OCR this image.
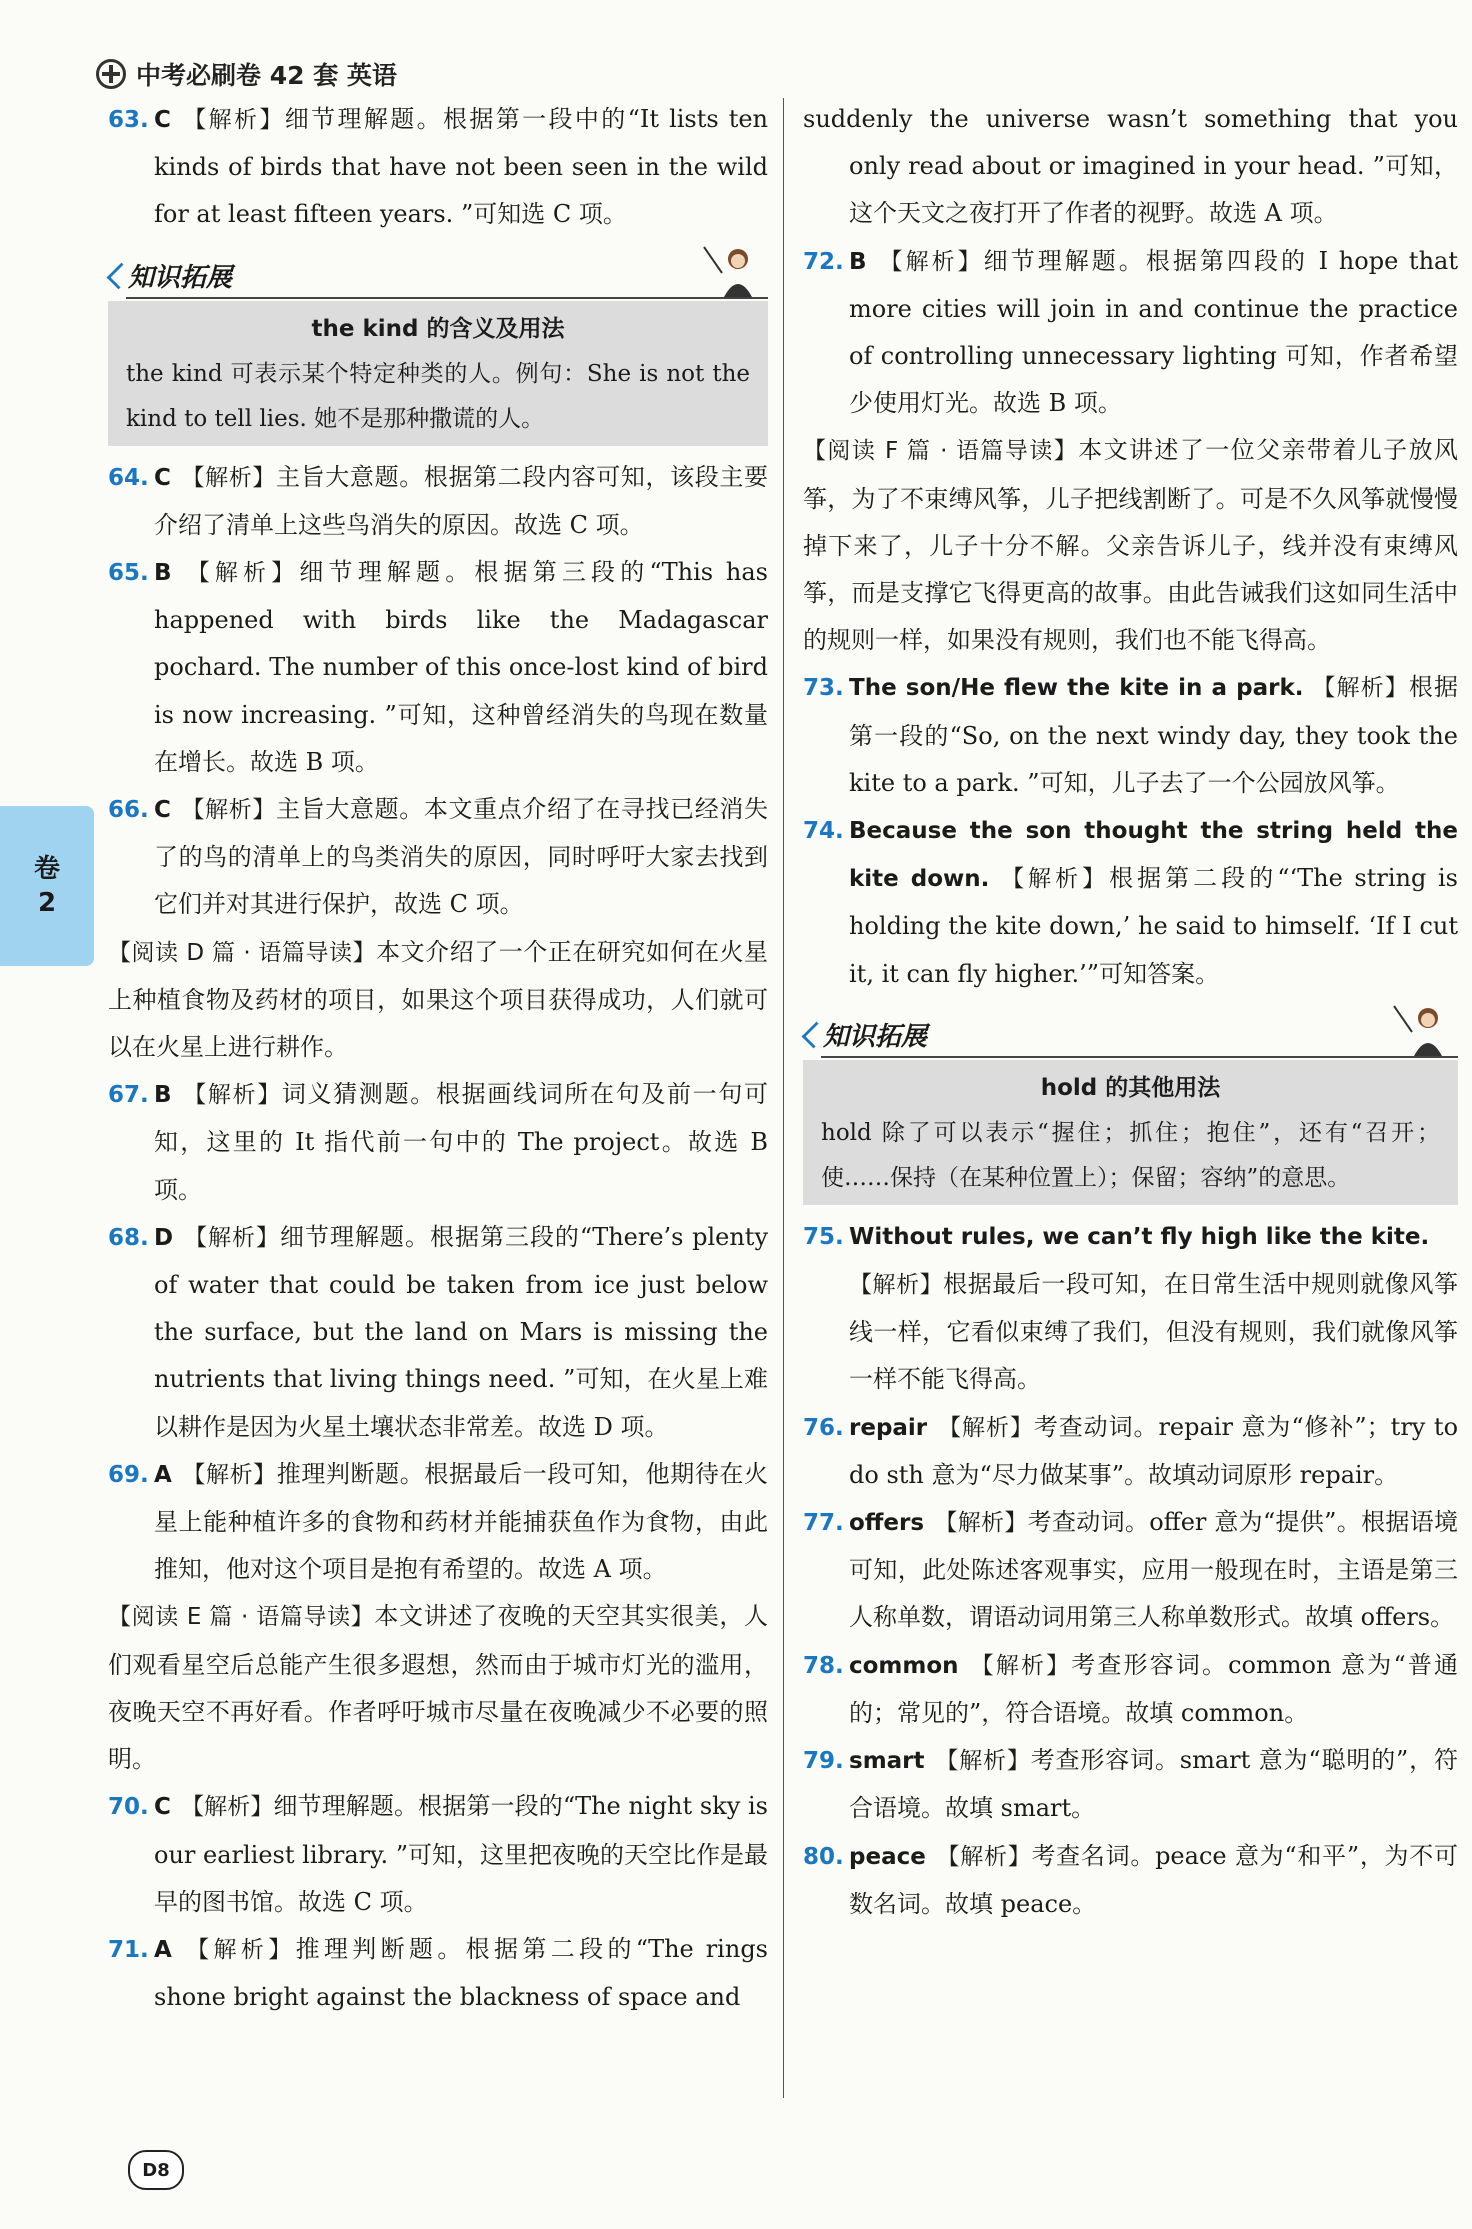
中考必刷卷 42 套 英语
卷
2
63. C 【解析】细节理解题。根据第一段中的“It lists ten kinds of birds that have not been seen in the wild for at least fifteen years. ”可知选 C 项。
知识拓展
the kind 的含义及用法
the kind 可表示某个特定种类的人。例句：She is not the kind to tell lies. 她不是那种撒谎的人。
64. C 【解析】主旨大意题。根据第二段内容可知，该段主要介绍了清单上这些鸟消失的原因。故选 C 项。
65. B 【解析】细节理解题。根据第三段的“This has happened with birds like the Madagascar pochard. The number of this once-lost kind of bird is now increasing. ”可知，这种曾经消失的鸟现在数量在增长。故选 B 项。
66. C 【解析】主旨大意题。本文重点介绍了在寻找已经消失了的鸟的清单上的鸟类消失的原因，同时呼吁大家去找到它们并对其进行保护，故选 C 项。
【阅读 D 篇 · 语篇导读】本文介绍了一个正在研究如何在火星上种植食物及药材的项目，如果这个项目获得成功，人们就可以在火星上进行耕作。
67. B 【解析】词义猜测题。根据画线词所在句及前一句可知，这里的 It 指代前一句中的 The project。故选 B 项。
68. D 【解析】细节理解题。根据第三段的“There’s plenty of water that could be taken from ice just below the surface, but the land on Mars is missing the nutrients that living things need. ”可知，在火星上难以耕作是因为火星土壤状态非常差。故选 D 项。
69. A 【解析】推理判断题。根据最后一段可知，他期待在火星上能种植许多的食物和药材并能捕获鱼作为食物，由此推知，他对这个项目是抱有希望的。故选 A 项。
【阅读 E 篇 · 语篇导读】本文讲述了夜晚的天空其实很美，人们观看星空后总能产生很多遐想，然而由于城市灯光的滥用，夜晚天空不再好看。作者呼吁城市尽量在夜晚减少不必要的照明。
70. C 【解析】细节理解题。根据第一段的“The night sky is our earliest library. ”可知，这里把夜晚的天空比作是最早的图书馆。故选 C 项。
71. A 【解析】推理判断题。根据第二段的“The rings shone bright against the blackness of space and
suddenly the universe wasn’t something that you only read about or imagined in your head. ”可知，这个天文之夜打开了作者的视野。故选 A 项。
72. B 【解析】细节理解题。根据第四段的 I hope that more cities will join in and continue the practice of controlling unnecessary lighting 可知，作者希望少使用灯光。故选 B 项。
【阅读 F 篇 · 语篇导读】本文讲述了一位父亲带着儿子放风筝，为了不束缚风筝，儿子把线割断了。可是不久风筝就慢慢掉下来了，儿子十分不解。父亲告诉儿子，线并没有束缚风筝，而是支撑它飞得更高的故事。由此告诫我们这如同生活中的规则一样，如果没有规则，我们也不能飞得高。
73. The son/He flew the kite in a park. 【解析】根据第一段的“So, on the next windy day, they took the kite to a park. ”可知，儿子去了一个公园放风筝。
74. Because the son thought the string held the kite down. 【解析】根据第二段的“‘The string is holding the kite down,’ he said to himself. ‘If I cut it, it can fly higher.’”可知答案。
知识拓展
hold 的其他用法
hold 除了可以表示“握住；抓住；抱住”，还有“召开；使……保持（在某种位置上）；保留；容纳”的意思。
75. Without rules, we can’t fly high like the kite.
【解析】根据最后一段可知，在日常生活中规则就像风筝线一样，它看似束缚了我们，但没有规则，我们就像风筝一样不能飞得高。
76. repair 【解析】考查动词。repair 意为“修补”；try to do sth 意为“尽力做某事”。故填动词原形 repair。
77. offers 【解析】考查动词。offer 意为“提供”。根据语境可知，此处陈述客观事实，应用一般现在时，主语是第三人称单数，谓语动词用第三人称单数形式。故填 offers。
78. common 【解析】考查形容词。common 意为“普通的；常见的”，符合语境。故填 common。
79. smart 【解析】考查形容词。smart 意为“聪明的”，符合语境。故填 smart。
80. peace 【解析】考查名词。peace 意为“和平”，为不可数名词。故填 peace。
D8
